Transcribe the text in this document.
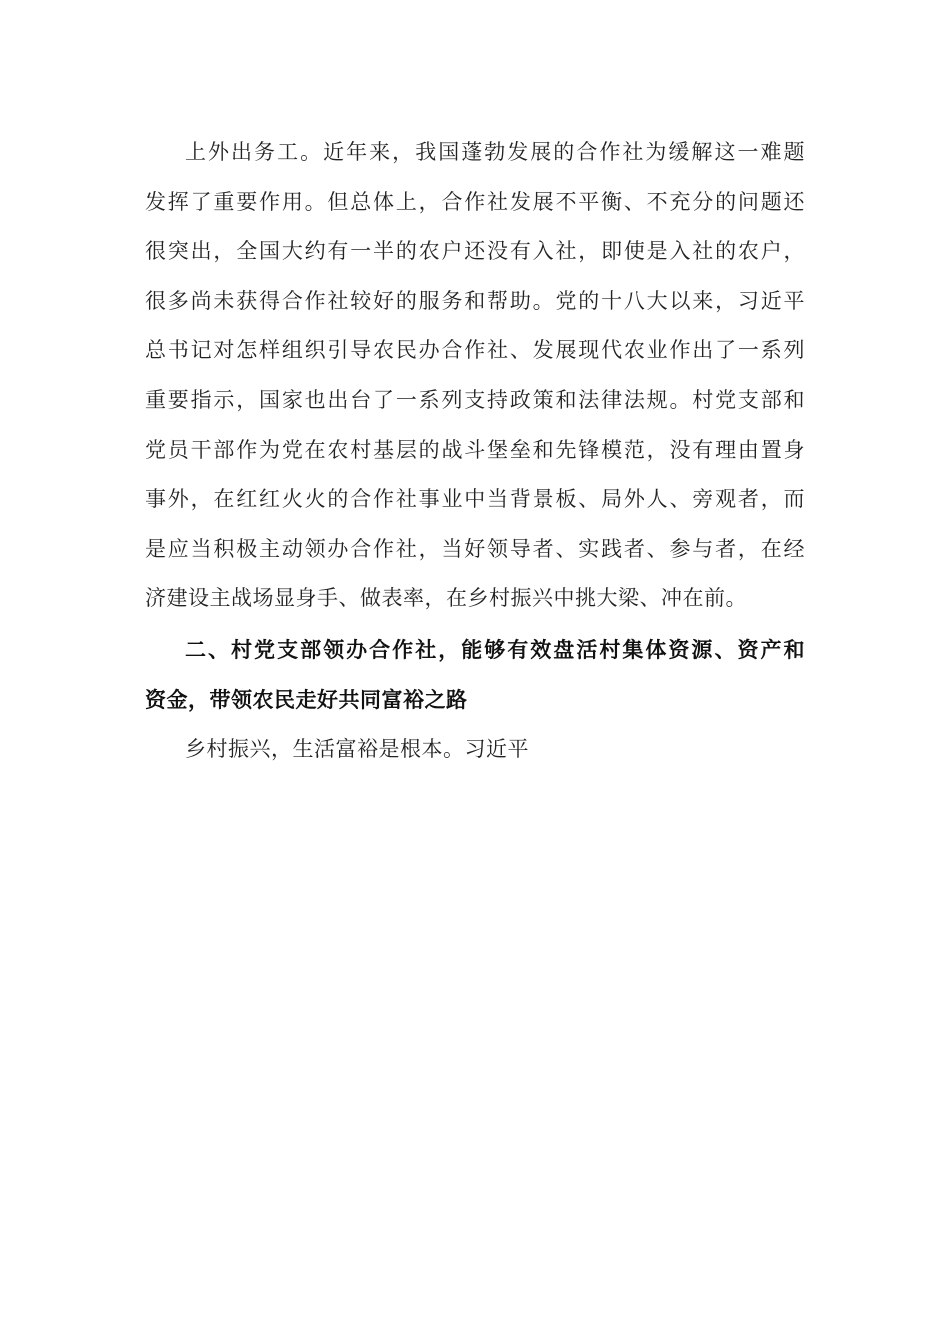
上外出务工。近年来，我国蓬勃发展的合作社为缓解这一难题
发挥了重要作用。但总体上，合作社发展不平衡、不充分的问题还
很突出，全国大约有一半的农户还没有入社，即使是入社的农户，
很多尚未获得合作社较好的服务和帮助。党的十八大以来，习近平
总书记对怎样组织引导农民办合作社、发展现代农业作出了一系列
重要指示，国家也出台了一系列支持政策和法律法规。村党支部和
党员干部作为党在农村基层的战斗堡垒和先锋模范，没有理由置身
事外，在红红火火的合作社事业中当背景板、局外人、旁观者，而
是应当积极主动领办合作社，当好领导者、实践者、参与者，在经
济建设主战场显身手、做表率，在乡村振兴中挑大梁、冲在前。
二、村党支部领办合作社，能够有效盘活村集体资源、资产和
资金，带领农民走好共同富裕之路
乡村振兴，生活富裕是根本。习近平
